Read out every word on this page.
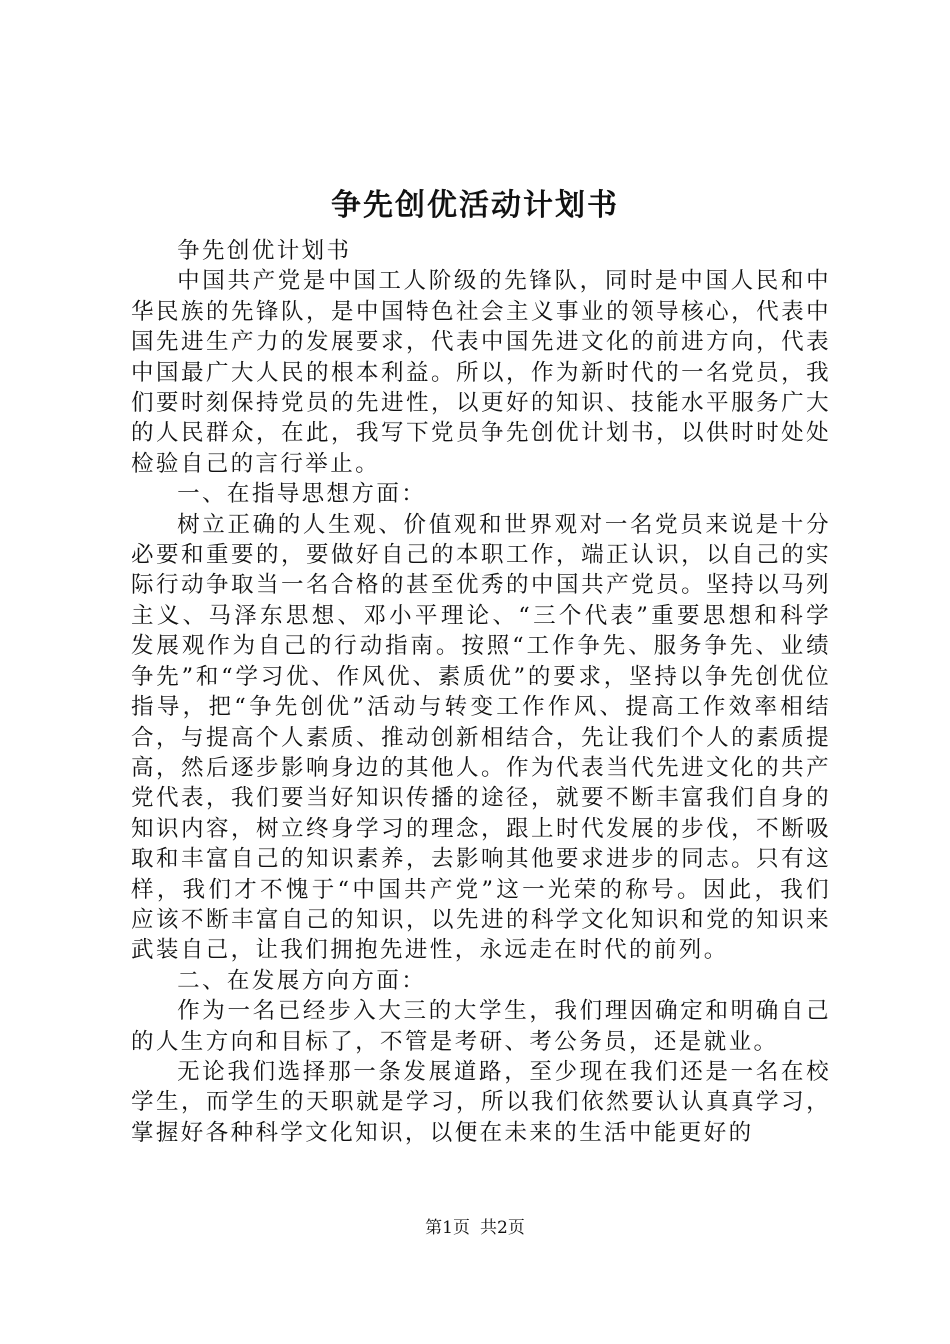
争先创优活动计划书

争先创优计划书

中国共产党是中国工人阶级的先锋队，同时是中国人民和中华民族的先锋队，是中国特色社会主义事业的领导核心，代表中国先进生产力的发展要求，代表中国先进文化的前进方向，代表中国最广大人民的根本利益。所以，作为新时代的一名党员，我们要时刻保持党员的先进性，以更好的知识、技能水平服务广大的人民群众，在此，我写下党员争先创优计划书，以供时时处处检验自己的言行举止。

一、在指导思想方面：

树立正确的人生观、价值观和世界观对一名党员来说是十分必要和重要的，要做好自己的本职工作，端正认识，以自己的实际行动争取当一名合格的甚至优秀的中国共产党员。坚持以马列主义、马泽东思想、邓小平理论、“三个代表”重要思想和科学发展观作为自己的行动指南。按照“工作争先、服务争先、业绩争先”和“学习优、作风优、素质优”的要求，坚持以争先创优位指导，把“争先创优”活动与转变工作作风、提高工作效率相结合，与提高个人素质、推动创新相结合，先让我们个人的素质提高，然后逐步影响身边的其他人。作为代表当代先进文化的共产党代表，我们要当好知识传播的途径，就要不断丰富我们自身的知识内容，树立终身学习的理念，跟上时代发展的步伐，不断吸取和丰富自己的知识素养，去影响其他要求进步的同志。只有这样，我们才不愧于“中国共产党”这一光荣的称号。因此，我们应该不断丰富自己的知识，以先进的科学文化知识和党的知识来武装自己，让我们拥抱先进性，永远走在时代的前列。

二、在发展方向方面：

作为一名已经步入大三的大学生，我们理因确定和明确自己的人生方向和目标了，不管是考研、考公务员，还是就业。

无论我们选择那一条发展道路，至少现在我们还是一名在校学生，而学生的天职就是学习，所以我们依然要认认真真学习，掌握好各种科学文化知识，以便在未来的生活中能更好的

第1页 共2页
